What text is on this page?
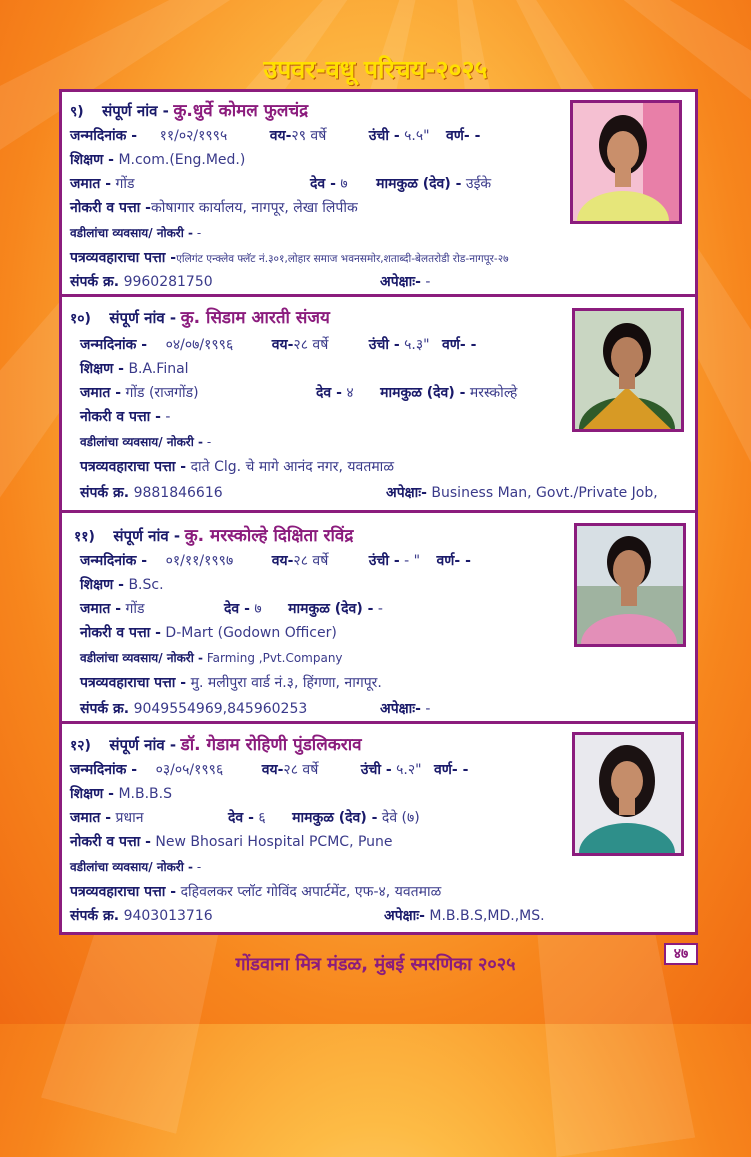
उपवर-वधू परिचय-२०२५
९) संपूर्ण नांव - कु.धुर्वे कोमल फुलचंद्र
जन्मदिनांक - ११/०२/१९९५	वय-२९ वर्षे	उंची - ५.५" वर्ण- -
शिक्षण - M.com.(Eng.Med.)
जमात - गोंड	देव - ७ मामकुळ (देव) - उईके
नोकरी व पत्ता -कोषागार कार्यालय, नागपूर, लेखा लिपीक
वडीलांचा व्यवसाय/ नोकरी - -
पत्रव्यवहाराचा पत्ता -एलिगंट एन्क्लेव फ्लॅट नं.३०१,लोहार समाज भवनसमोर,शताब्दी-बेलतरोडी रोड-नागपूर-२७
संपर्क क्र. 9960281750	अपेक्षाः- -
१०) संपूर्ण नांव - कु. सिडाम आरती संजय
जन्मदिनांक - ०४/०७/१९९६	वय-२८ वर्षे	उंची - ५.३" वर्ण- -
शिक्षण - B.A.Final
जमात - गोंड (राजगोंड)	देव - ४ मामकुळ (देव) - मरस्कोल्हे
नोकरी व पत्ता - -
वडीलांचा व्यवसाय/ नोकरी - -
पत्रव्यवहाराचा पत्ता - दाते Clg. चे मागे आनंद नगर, यवतमाळ
संपर्क क्र. 9881846616	अपेक्षाः- Business Man, Govt./Private Job,
११) संपूर्ण नांव - कु. मरस्कोल्हे दिक्षिता रविंद्र
जन्मदिनांक - ०१/११/१९९७	वय-२८ वर्षे	उंची - - " वर्ण- -
शिक्षण - B.Sc.
जमात - गोंड	देव - ७ मामकुळ (देव) - -
नोकरी व पत्ता - D-Mart (Godown Officer)
वडीलांचा व्यवसाय/ नोकरी - Farming ,Pvt.Company
पत्रव्यवहाराचा पत्ता - मु. मलीपुरा वार्ड नं.३, हिंगणा, नागपूर.
संपर्क क्र. 9049554969,845960253	अपेक्षाः- -
१२) संपूर्ण नांव - डॉ. गेडाम रोहिणी पुंडलिकराव
जन्मदिनांक - ०३/०५/१९९६	वय-२८ वर्षे	उंची - ५.२" वर्ण- -
शिक्षण - M.B.B.S
जमात - प्रधान	देव - ६ मामकुळ (देव) - देवे (७)
नोकरी व पत्ता - New Bhosari Hospital PCMC, Pune
वडीलांचा व्यवसाय/ नोकरी - -
पत्रव्यवहाराचा पत्ता - दहिवलकर प्लॉट गोविंद अपार्टमेंट, एफ-४, यवतमाळ
संपर्क क्र. 9403013716	अपेक्षाः- M.B.B.S,MD.,MS.
गोंडवाना मित्र मंडळ, मुंबई स्मरणिका २०२५	४७
